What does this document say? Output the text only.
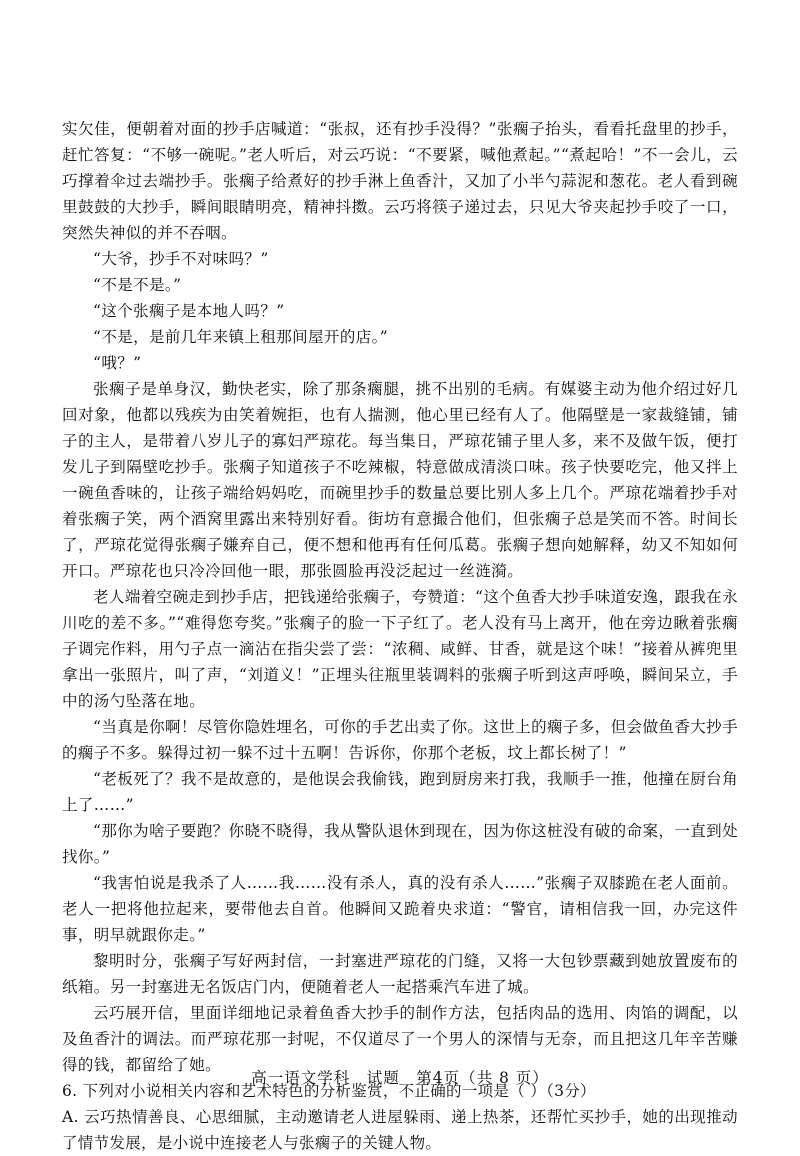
实欠佳，便朝着对面的抄手店喊道：“张叔，还有抄手没得？”张瘸子抬头，看看托盘里的抄手，赶忙答复：“不够一碗呢。”老人听后，对云巧说：“不要紧，喊他煮起。”“煮起哈！”不一会儿，云巧撑着伞过去端抄手。张瘸子给煮好的抄手淋上鱼香汁，又加了小半勺蒜泥和葱花。老人看到碗里鼓鼓的大抄手，瞬间眼睛明亮，精神抖擞。云巧将筷子递过去，只见大爷夹起抄手咬了一口，突然失神似的并不吞咽。

“大爷，抄手不对味吗？”

“不是不是。”

“这个张瘸子是本地人吗？”

“不是，是前几年来镇上租那间屋开的店。”

“哦？”

张瘸子是单身汉，勤快老实，除了那条瘸腿，挑不出别的毛病。有媒婆主动为他介绍过好几回对象，他都以残疾为由笑着婉拒，也有人揣测，他心里已经有人了。他隔壁是一家裁缝铺，铺子的主人，是带着八岁儿子的寡妇严琼花。每当集日，严琼花铺子里人多，来不及做午饭，便打发儿子到隔壁吃抄手。张瘸子知道孩子不吃辣椒，特意做成清淡口味。孩子快要吃完，他又拌上一碗鱼香味的，让孩子端给妈妈吃，而碗里抄手的数量总要比别人多上几个。严琼花端着抄手对着张瘸子笑，两个酒窝里露出来特别好看。街坊有意撮合他们，但张瘸子总是笑而不答。时间长了，严琼花觉得张瘸子嫌弃自己，便不想和他再有任何瓜葛。张瘸子想向她解释，幼又不知如何开口。严琼花也只冷冷回他一眼，那张圆脸再没泛起过一丝涟漪。

老人端着空碗走到抄手店，把钱递给张瘸子，夸赞道：“这个鱼香大抄手味道安逸，跟我在永川吃的差不多。”“难得您夸奖。”张瘸子的脸一下子红了。老人没有马上离开，他在旁边瞅着张瘸子调完作料，用勺子点一滴沾在指尖尝了尝：“浓稠、咸鲜、甘香，就是这个味！”接着从裤兜里拿出一张照片，叫了声，“刘道义！”正埋头往瓶里装调料的张瘸子听到这声呼唤，瞬间呆立，手中的汤勺坠落在地。

“当真是你啊！尽管你隐姓埋名，可你的手艺出卖了你。这世上的瘸子多，但会做鱼香大抄手的瘸子不多。躲得过初一躲不过十五啊！告诉你，你那个老板，坟上都长树了！”

“老板死了？我不是故意的，是他误会我偷钱，跑到厨房来打我，我顺手一推，他撞在厨台角上了……”

“那你为啥子要跑？你晓不晓得，我从警队退休到现在，因为你这桩没有破的命案，一直到处找你。”

“我害怕说是我杀了人……我……没有杀人，真的没有杀人……”张瘸子双膝跪在老人面前。老人一把将他拉起来，要带他去自首。他瞬间又跪着央求道：“警官，请相信我一回，办完这件事，明早就跟你走。”

黎明时分，张瘸子写好两封信，一封塞进严琼花的门缝，又将一大包钞票藏到她放置废布的纸箱。另一封塞进无名饭店门内，便随着老人一起搭乘汽车进了城。

云巧展开信，里面详细地记录着鱼香大抄手的制作方法，包括肉品的选用、肉馅的调配，以及鱼香汁的调法。而严琼花那一封呢，不仅道尽了一个男人的深情与无奈，而且把这几年辛苦赚得的钱，都留给了她。

6. 下列对小说相关内容和艺术特色的分析鉴赏，不正确的一项是（ ）（3分）

A. 云巧热情善良、心思细腻，主动邀请老人进屋躲雨、递上热茶，还帮忙买抄手，她的出现推动了情节发展，是小说中连接老人与张瘸子的关键人物。

高一语文学科　试题　第4页（共 8 页）
